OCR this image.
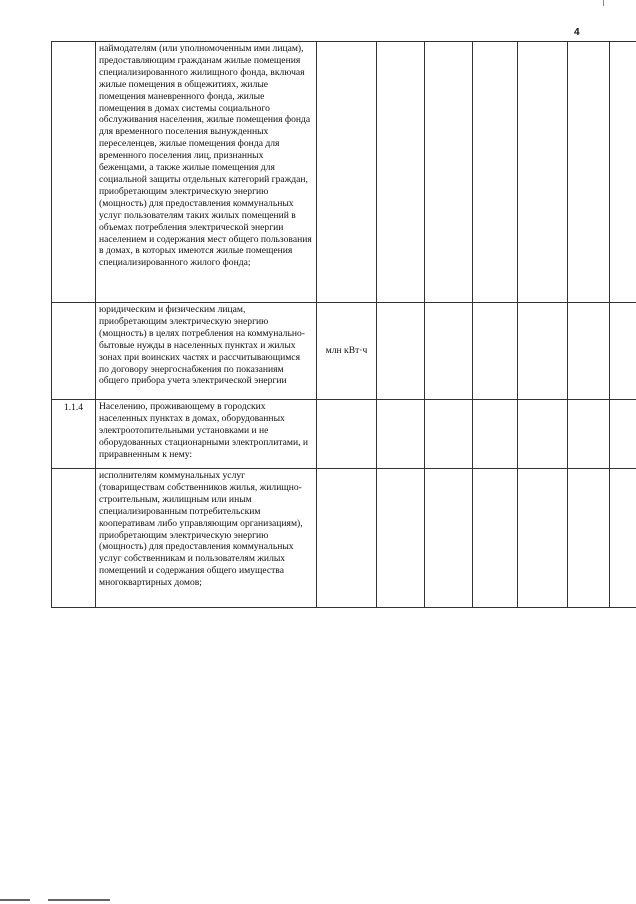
4
	наймодателям (или уполномоченным ими лицам), предоставляющим гражданам жилые помещения специализированного жилищного фонда, включая жилые помещения в общежитиях, жилые помещения маневренного фонда, жилые помещения в домах системы социального обслуживания населения, жилые помещения фонда для временного поселения вынужденных переселенцев, жилые помещения фонда для временного поселения лиц, признанных беженцами, а также жилые помещения для социальной защиты отдельных категорий граждан, приобретающим электрическую энергию (мощность) для предоставления коммунальных услуг пользователям таких жилых помещений в объемах потребления электрической энергии населением и содержания мест общего пользования в домах, в которых имеются жилые помещения специализированного жилого фонда;							
	юридическим и физическим лицам, приобретающим электрическую энергию (мощность) в целях потребления на коммунально-бытовые нужды в населенных пунктах и жилых зонах при воинских частях и рассчитывающимся по договору энергоснабжения по показаниям общего прибора учета электрической энергии	млн кВт·ч						
1.1.4	Населению, проживающему в городских населенных пунктах в домах, оборудованных электроотопительными установками и не оборудованных стационарными электроплитами, и приравненным к нему:							
	исполнителям коммунальных услуг (товариществам собственников жилья, жилищно-строительным, жилищным или иным специализированным потребительским кооперативам либо управляющим организациям), приобретающим электрическую энергию (мощность) для предоставления коммунальных услуг собственникам и пользователям жилых помещений и содержания общего имущества многоквартирных домов;							
